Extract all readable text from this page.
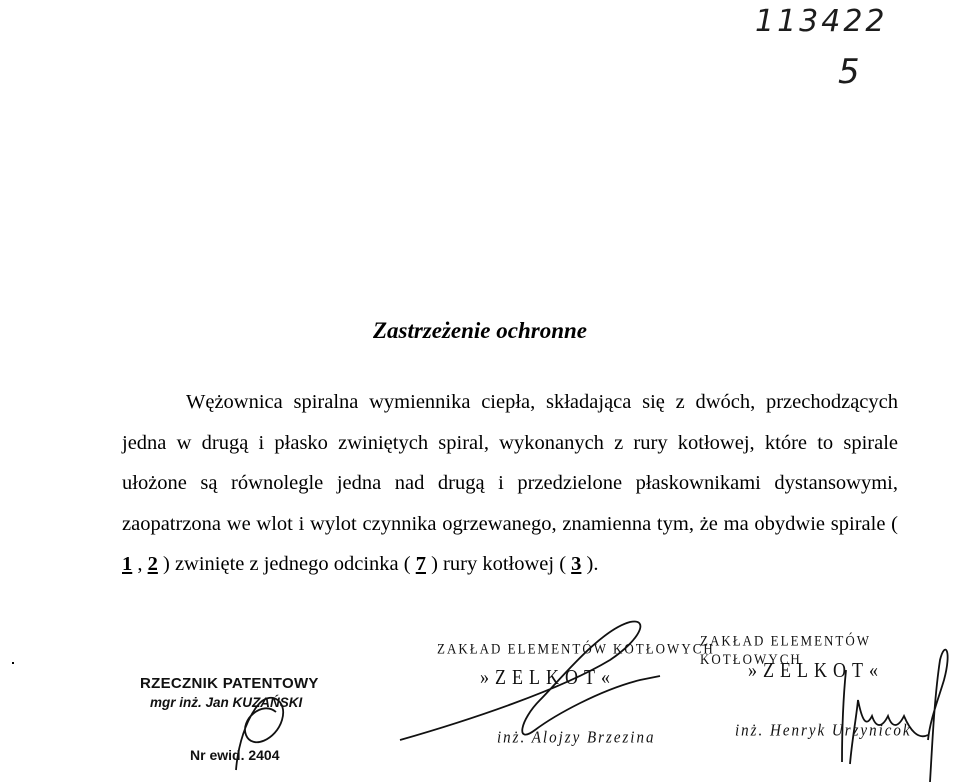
113422
5
Zastrzeżenie ochronne
Wężownica spiralna wymiennika ciepła, składająca się z dwóch, przechodzących jedna w drugą i płasko zwiniętych spiral, wykonanych z rury kotłowej, które to spirale ułożone są równolegle jedna nad drugą i przedzielone płaskownikami dystansowymi, zaopatrzona we wlot i wylot czynnika ogrzewanego, znamienna tym, że ma obydwie spirale ( 1 , 2 ) zwinięte z jednego odcinka ( 7 ) rury kotłowej ( 3 ).
RZECZNIK PATENTOWY
mgr inż. Jan KUZAŃSKI
Nr ewid. 2404
ZAKŁAD ELEMENTÓW KOTŁOWYCH
»ZELKOT«
inż. Alojzy Brzezina
ZAKŁAD ELEMENTÓW KOTŁOWYCH
»ZELKOT«
inż. Henryk Urzynicok
